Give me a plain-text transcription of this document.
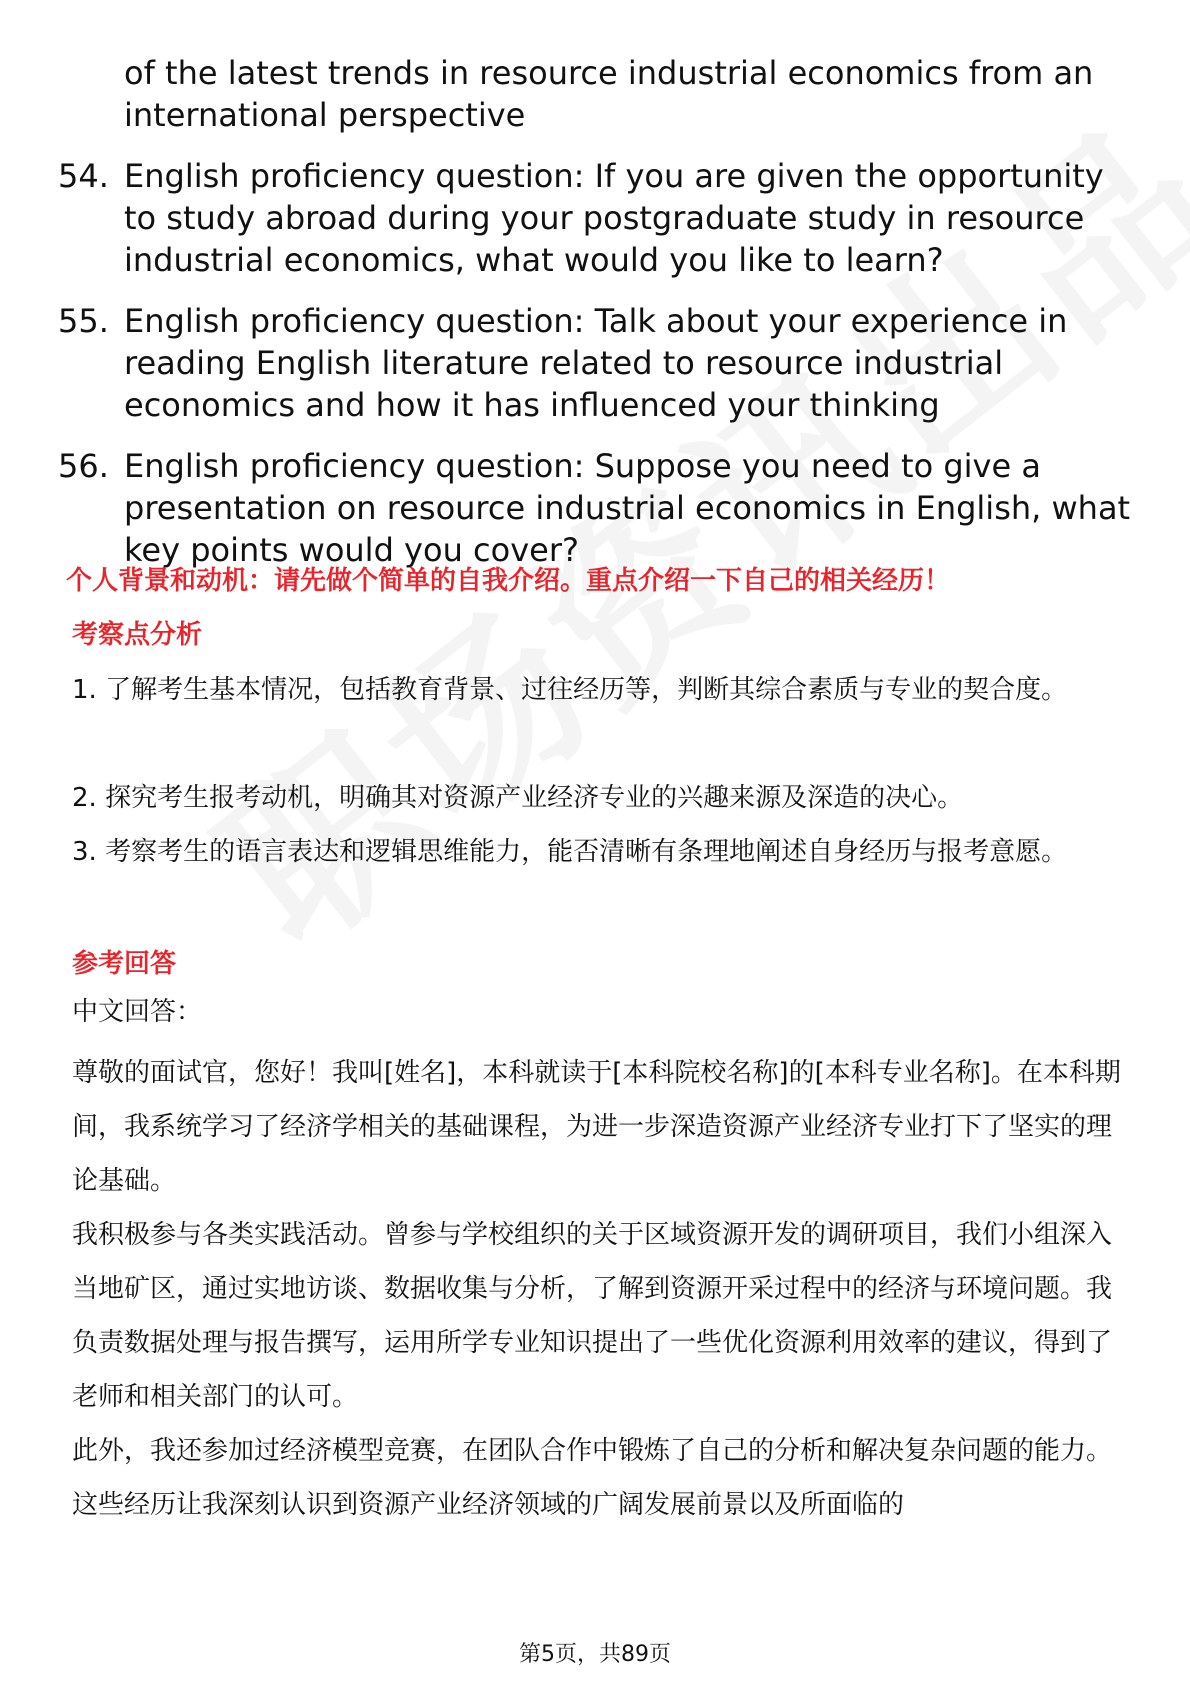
of the latest trends in resource industrial economics from an international perspective
54. English proficiency question: If you are given the opportunity to study abroad during your postgraduate study in resource industrial economics, what would you like to learn?
55. English proficiency question: Talk about your experience in reading English literature related to resource industrial economics and how it has influenced your thinking
56. English proficiency question: Suppose you need to give a presentation on resource industrial economics in English, what key points would you cover?
个人背景和动机：请先做个简单的自我介绍。重点介绍一下自己的相关经历！
考察点分析
1. 了解考生基本情况，包括教育背景、过往经历等，判断其综合素质与专业的契合度。
2. 探究考生报考动机，明确其对资源产业经济专业的兴趣来源及深造的决心。
3. 考察考生的语言表达和逻辑思维能力，能否清晰有条理地阐述自身经历与报考意愿。
参考回答
中文回答：
尊敬的面试官，您好！我叫[姓名]，本科就读于[本科院校名称]的[本科专业名称]。在本科期间，我系统学习了经济学相关的基础课程，为进一步深造资源产业经济专业打下了坚实的理论基础。
我积极参与各类实践活动。曾参与学校组织的关于区域资源开发的调研项目，我们小组深入当地矿区，通过实地访谈、数据收集与分析，了解到资源开采过程中的经济与环境问题。我负责数据处理与报告撰写，运用所学专业知识提出了一些优化资源利用效率的建议，得到了老师和相关部门的认可。
此外，我还参加过经济模型竞赛，在团队合作中锻炼了自己的分析和解决复杂问题的能力。这些经历让我深刻认识到资源产业经济领域的广阔发展前景以及所面临的
第5页，共89页
